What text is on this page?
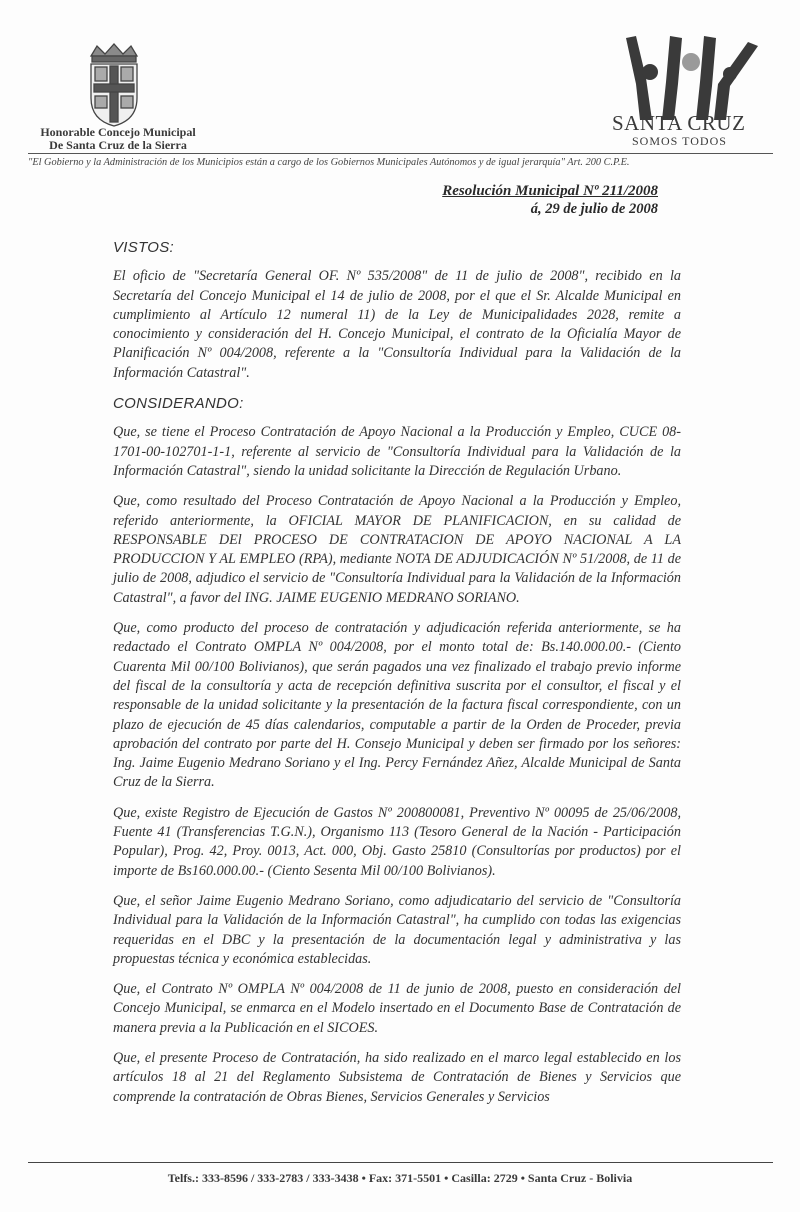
Honorable Concejo Municipal
De Santa Cruz de la Sierra
SANTA CRUZ
SOMOS TODOS
"El Gobierno y la Administración de los Municipios están a cargo de los Gobiernos Municipales Autónomos y de igual jerarquía" Art. 200 C.P.E.
Resolución Municipal Nº 211/2008
á, 29 de julio de 2008
VISTOS:

El oficio de "Secretaría General OF. Nº 535/2008" de 11 de julio de 2008", recibido en la Secretaría del Concejo Municipal el 14 de julio de 2008, por el que el Sr. Alcalde Municipal en cumplimiento al Artículo 12 numeral 11) de la Ley de Municipalidades 2028, remite a conocimiento y consideración del H. Concejo Municipal, el contrato de la Oficialía Mayor de Planificación Nº 004/2008, referente a la "Consultoría Individual para la Validación de la Información Catastral".

CONSIDERANDO:

Que, se tiene el Proceso Contratación de Apoyo Nacional a la Producción y Empleo, CUCE 08-1701-00-102701-1-1, referente al servicio de "Consultoría Individual para la Validación de la Información Catastral", siendo la unidad solicitante la Dirección de Regulación Urbano.

Que, como resultado del Proceso Contratación de Apoyo Nacional a la Producción y Empleo, referido anteriormente, la OFICIAL MAYOR DE PLANIFICACION, en su calidad de RESPONSABLE DEl PROCESO DE CONTRATACION DE APOYO NACIONAL A LA PRODUCCION Y AL EMPLEO (RPA), mediante NOTA DE ADJUDICACIÓN Nº 51/2008, de 11 de julio de 2008, adjudico el servicio de "Consultoría Individual para la Validación de la Información Catastral", a favor del ING. JAIME EUGENIO MEDRANO SORIANO.

Que, como producto del proceso de contratación y adjudicación referida anteriormente, se ha redactado el Contrato OMPLA Nº 004/2008, por el monto total de: Bs.140.000.00.- (Ciento Cuarenta Mil 00/100 Bolivianos), que serán pagados una vez finalizado el trabajo previo informe del fiscal de la consultoría y acta de recepción definitiva suscrita por el consultor, el fiscal y el responsable de la unidad solicitante y la presentación de la factura fiscal correspondiente, con un plazo de ejecución de 45 días calendarios, computable a partir de la Orden de Proceder, previa aprobación del contrato por parte del H. Consejo Municipal y deben ser firmado por los señores: Ing. Jaime Eugenio Medrano Soriano y el Ing. Percy Fernández Añez, Alcalde Municipal de Santa Cruz de la Sierra.

Que, existe Registro de Ejecución de Gastos Nº 200800081, Preventivo Nº 00095 de 25/06/2008, Fuente 41 (Transferencias T.G.N.), Organismo 113 (Tesoro General de la Nación - Participación Popular), Prog. 42, Proy. 0013, Act. 000, Obj. Gasto 25810 (Consultorías por productos) por el importe de Bs160.000.00.- (Ciento Sesenta Mil 00/100 Bolivianos).

Que, el señor Jaime Eugenio Medrano Soriano, como adjudicatario del servicio de "Consultoría Individual para la Validación de la Información Catastral", ha cumplido con todas las exigencias requeridas en el DBC y la presentación de la documentación legal y administrativa y las propuestas técnica y económica establecidas.

Que, el Contrato Nº OMPLA Nº 004/2008 de 11 de junio de 2008, puesto en consideración del Concejo Municipal, se enmarca en el Modelo insertado en el Documento Base de Contratación de manera previa a la Publicación en el SICOES.

Que, el presente Proceso de Contratación, ha sido realizado en el marco legal establecido en los artículos 18 al 21 del Reglamento Subsistema de Contratación de Bienes y Servicios que comprende la contratación de Obras Bienes, Servicios Generales y Servicios

Telfs.: 333-8596 / 333-2783 / 333-3438 • Fax: 371-5501 • Casilla: 2729 • Santa Cruz - Bolivia
